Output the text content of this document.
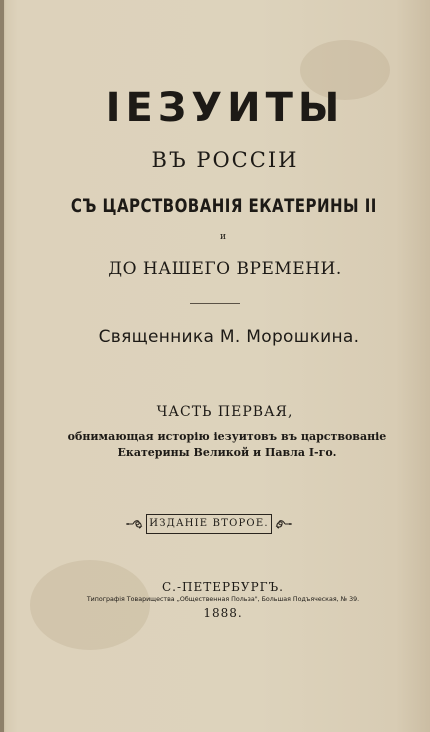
ІЕЗУИТЫ
ВЪ РОССІИ
СЪ ЦАРСТВОВАНІЯ ЕКАТЕРИНЫ II
и
ДО НАШЕГО ВРЕМЕНИ.
Священника М. Морошкина.
ЧАСТЬ ПЕРВАЯ,
обнимающая исторію іезуитовъ въ царствованіе
Екатерины Великой и Павла I-го.
ИЗДАНІЕ ВТОРОЕ.
С.-ПЕТЕРБУРГЪ.
Типографія Товарищества „Общественная Польза", Большая Подъяческая, № 39.
1888.
